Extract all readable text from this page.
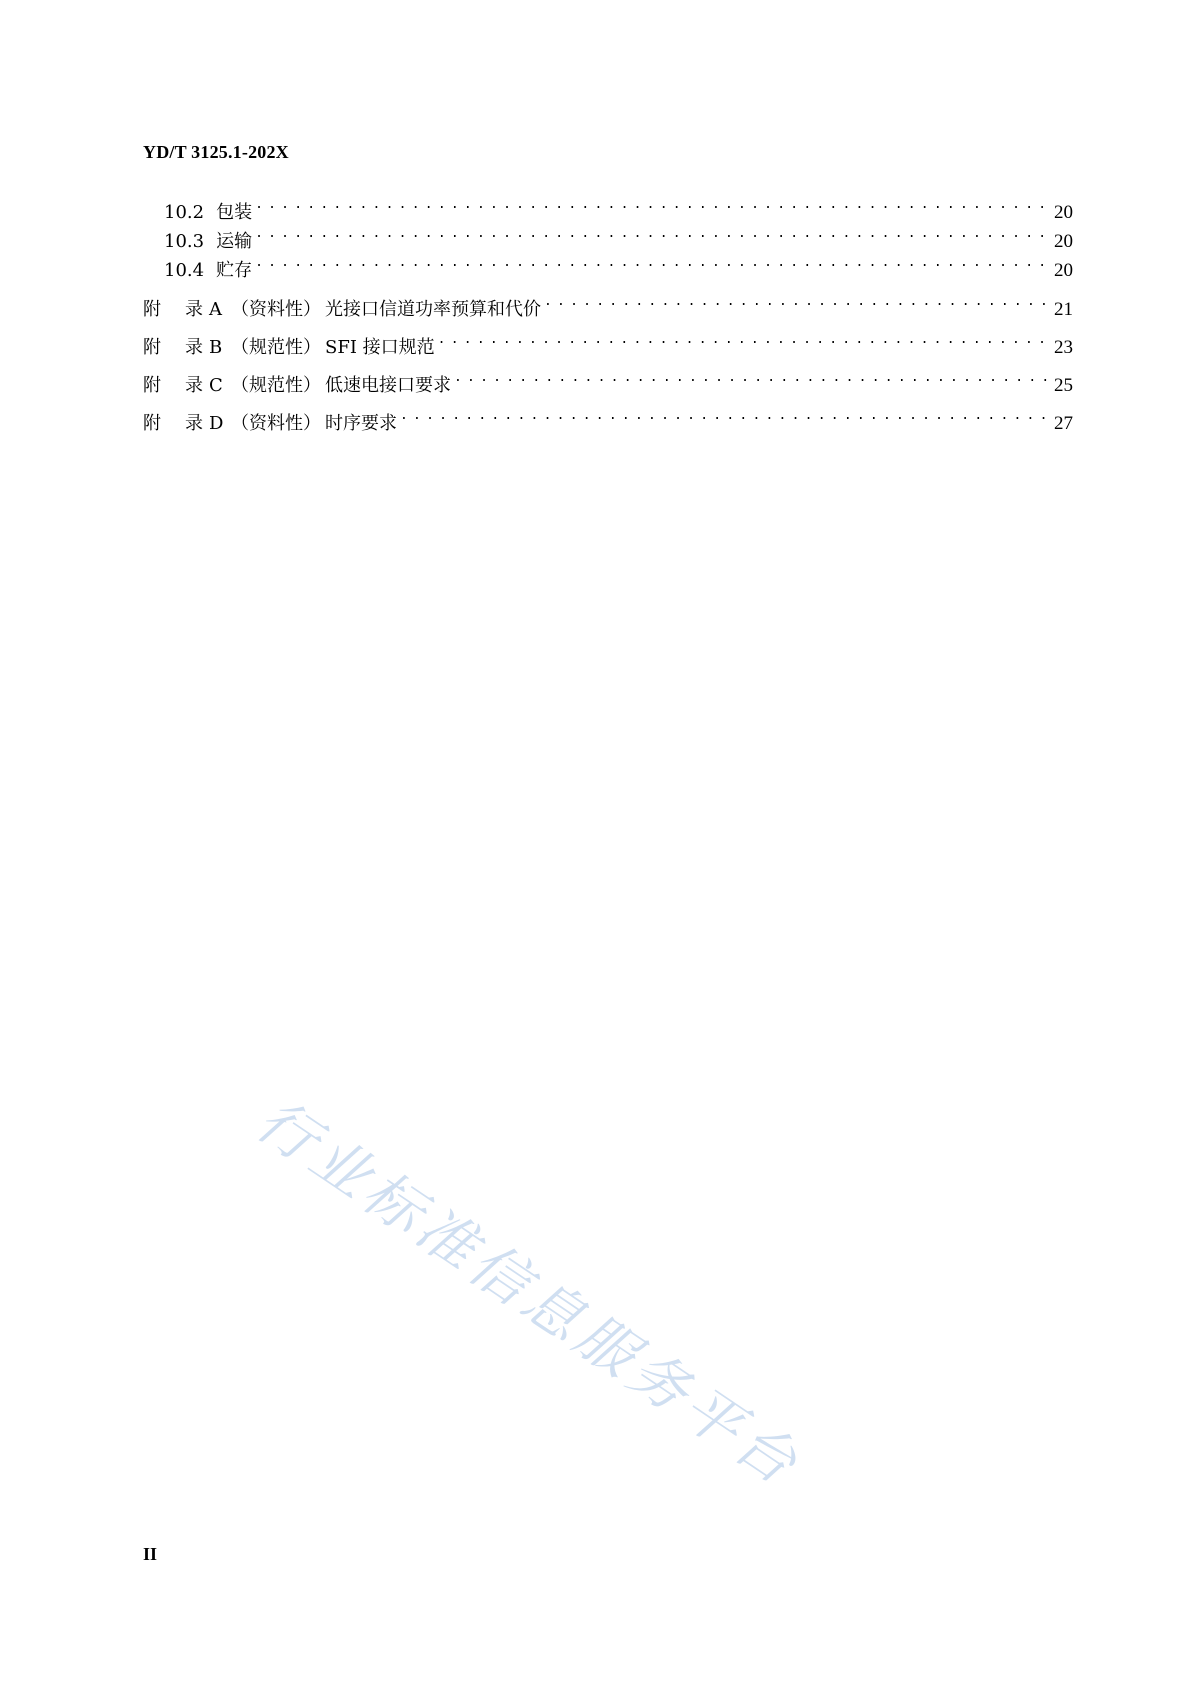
YD/T 3125.1-202X
10.2 包装 . . .	20
10.3 运输 . . .	20
10.4 贮存 . . .	20
附 录 A （资料性） 光接口信道功率预算和代价 . . .	21
附 录 B （规范性） SFI 接口规范 . . .	23
附 录 C （规范性） 低速电接口要求 . . .	25
附 录 D （资料性） 时序要求 . . .	27
行业标准信息服务平台
II
